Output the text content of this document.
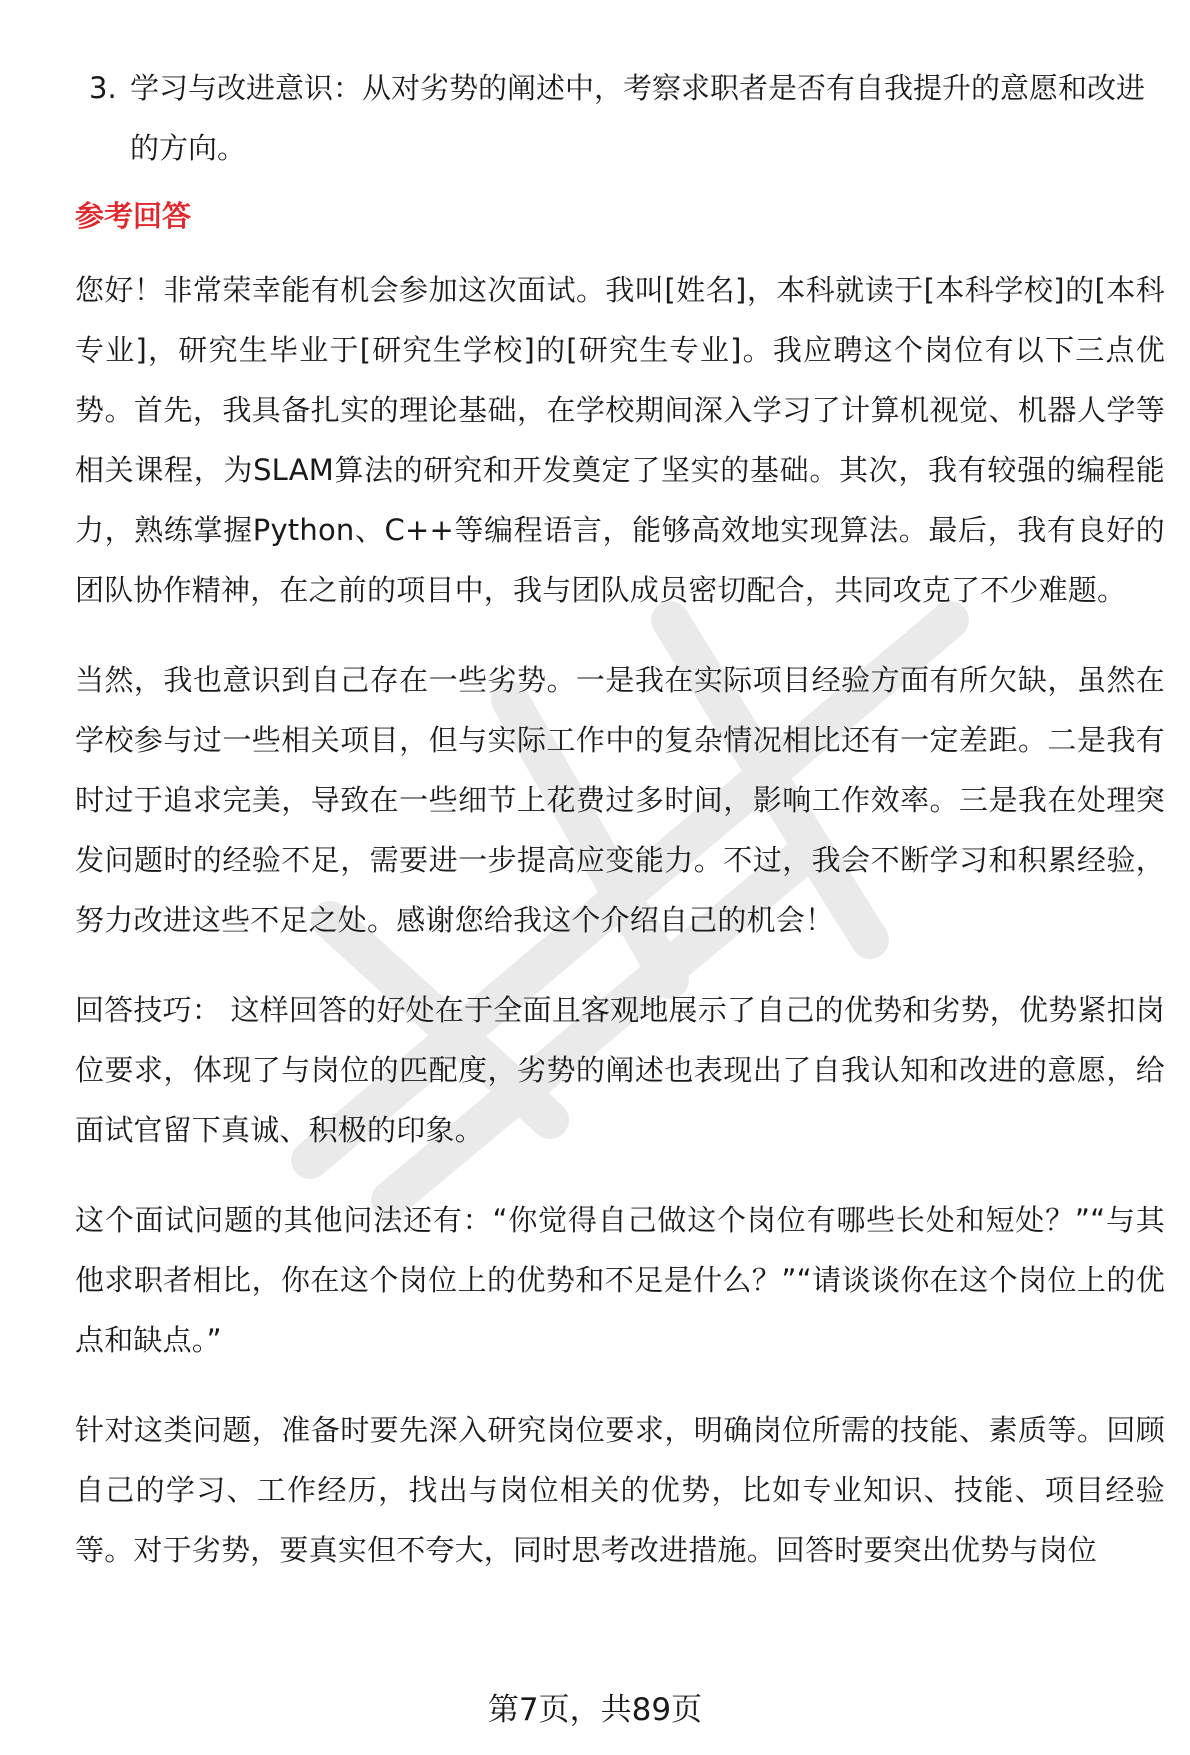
3. 学习与改进意识：从对劣势的阐述中，考察求职者是否有自我提升的意愿和改进的方向。
参考回答

您好！非常荣幸能有机会参加这次面试。我叫[姓名]，本科就读于[本科学校]的[本科专业]，研究生毕业于[研究生学校]的[研究生专业]。我应聘这个岗位有以下三点优势。首先，我具备扎实的理论基础，在学校期间深入学习了计算机视觉、机器人学等相关课程，为SLAM算法的研究和开发奠定了坚实的基础。其次，我有较强的编程能力，熟练掌握Python、C++等编程语言，能够高效地实现算法。最后，我有良好的团队协作精神，在之前的项目中，我与团队成员密切配合，共同攻克了不少难题。

当然，我也意识到自己存在一些劣势。一是我在实际项目经验方面有所欠缺，虽然在学校参与过一些相关项目，但与实际工作中的复杂情况相比还有一定差距。二是我有时过于追求完美，导致在一些细节上花费过多时间，影响工作效率。三是我在处理突发问题时的经验不足，需要进一步提高应变能力。不过，我会不断学习和积累经验，努力改进这些不足之处。感谢您给我这个介绍自己的机会！

回答技巧： 这样回答的好处在于全面且客观地展示了自己的优势和劣势，优势紧扣岗位要求，体现了与岗位的匹配度，劣势的阐述也表现出了自我认知和改进的意愿，给面试官留下真诚、积极的印象。

这个面试问题的其他问法还有：“你觉得自己做这个岗位有哪些长处和短处？”“与其他求职者相比，你在这个岗位上的优势和不足是什么？”“请谈谈你在这个岗位上的优点和缺点。”

针对这类问题，准备时要先深入研究岗位要求，明确岗位所需的技能、素质等。回顾自己的学习、工作经历，找出与岗位相关的优势，比如专业知识、技能、项目经验等。对于劣势，要真实但不夸大，同时思考改进措施。回答时要突出优势与岗位

第7页，共89页
